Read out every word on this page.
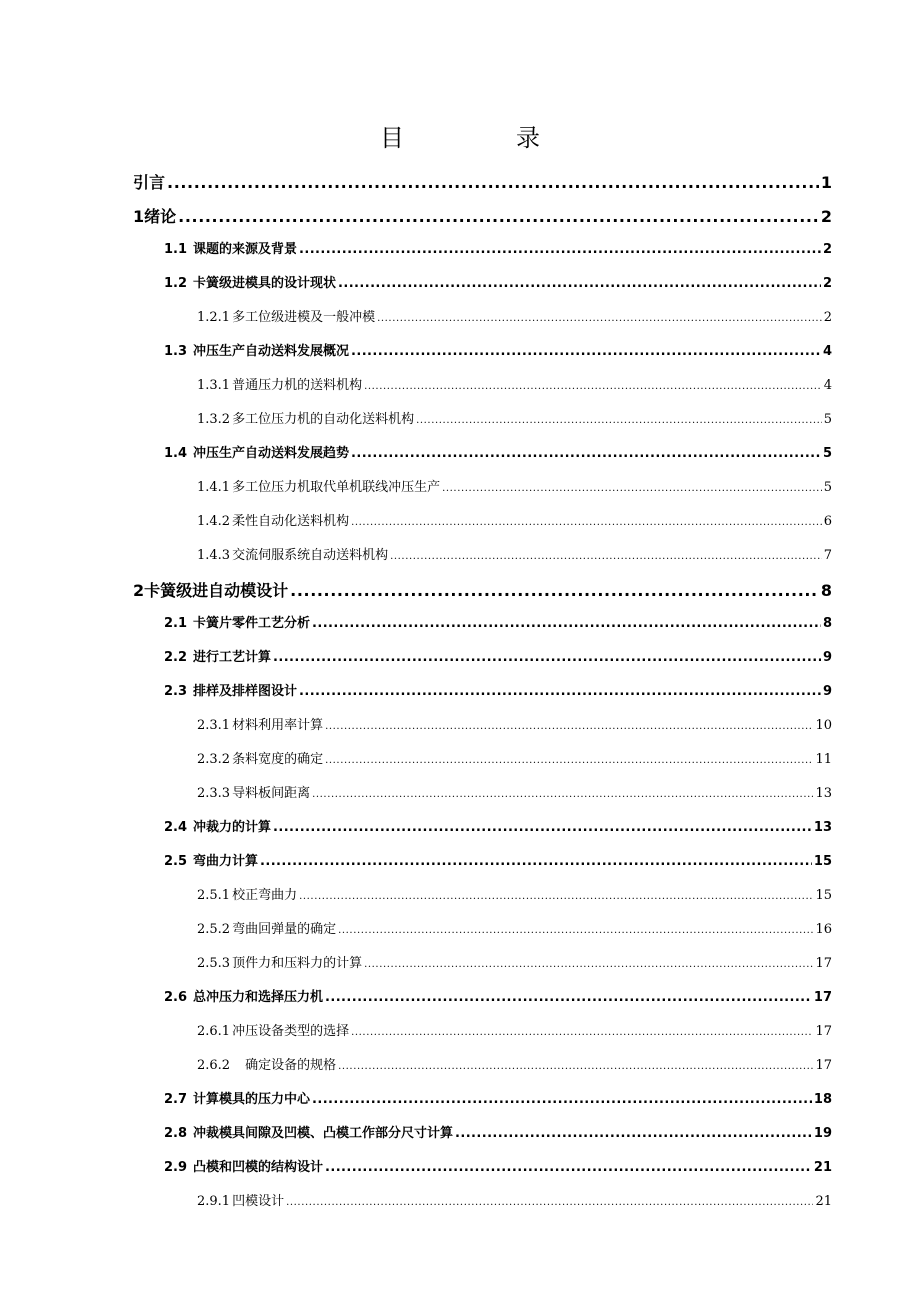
目　录
引言 .....	1
1 绪论 .....	2
1.1 课题的来源及背景 .....	2
1.2 卡簧级进模具的设计现状 .....	2
1.2.1 多工位级进模及一般冲模 .....	2
1.3 冲压生产自动送料发展概况 .....	4
1.3.1 普通压力机的送料机构 .....	4
1.3.2 多工位压力机的自动化送料机构 .....	5
1.4 冲压生产自动送料发展趋势 .....	5
1.4.1 多工位压力机取代单机联线冲压生产 .....	5
1.4.2 柔性自动化送料机构 .....	6
1.4.3 交流伺服系统自动送料机构 .....	7
2 卡簧级进自动模设计 .....	8
2.1 卡簧片零件工艺分析 .....	8
2.2 进行工艺计算 .....	9
2.3 排样及排样图设计 .....	9
2.3.1 材料利用率计算 .....	10
2.3.2 条料宽度的确定 .....	11
2.3.3 导料板间距离 .....	13
2.4 冲裁力的计算 .....	13
2.5 弯曲力计算 .....	15
2.5.1 校正弯曲力 .....	15
2.5.2 弯曲回弹量的确定 .....	16
2.5.3 顶件力和压料力的计算 .....	17
2.6 总冲压力和选择压力机 .....	17
2.6.1 冲压设备类型的选择 .....	17
2.6.2 　确定设备的规格 .....	17
2.7 计算模具的压力中心 .....	18
2.8 冲裁模具间隙及凹模、凸模工作部分尺寸计算 .....	19
2.9 凸模和凹模的结构设计 .....	21
2.9.1 凹模设计 .....	21
